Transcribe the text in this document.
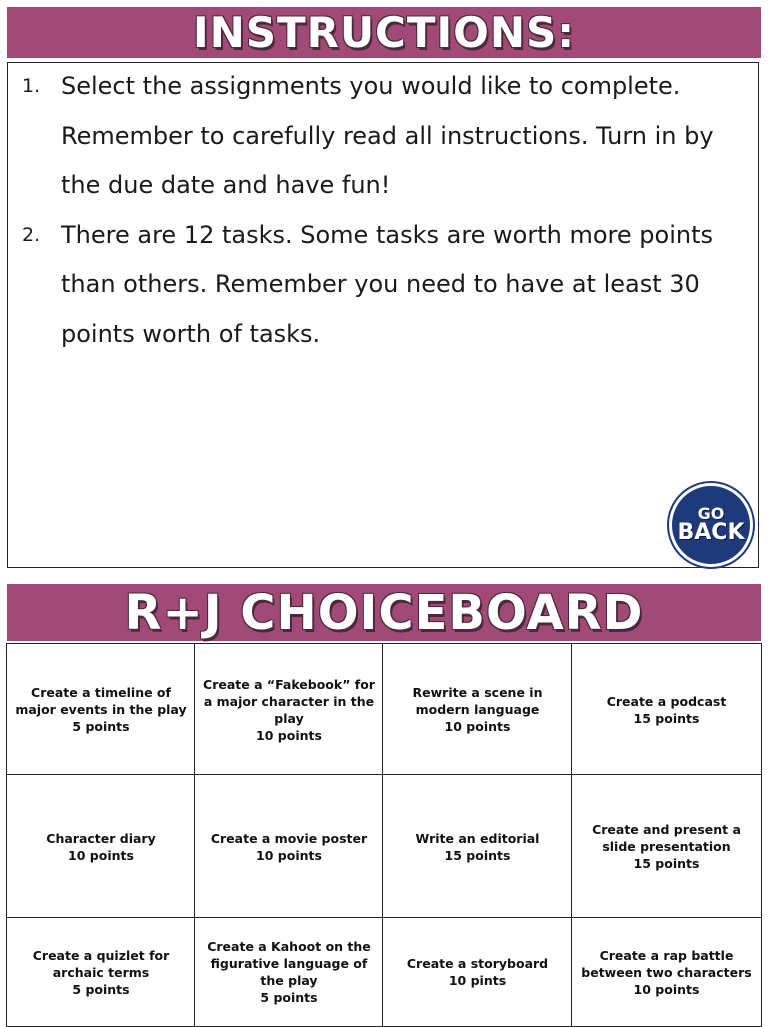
INSTRUCTIONS:
1. Select the assignments you would like to complete. Remember to carefully read all instructions. Turn in by the due date and have fun!
2. There are 12 tasks. Some tasks are worth more points than others. Remember you need to have at least 30 points worth of tasks.
GO
BACK
R+J CHOICEBOARD
Create a timeline of major events in the play
5 points
Create a “Fakebook” for a major character in the play
10 points
Rewrite a scene in modern language
10 points
Create a podcast
15 points
Character diary
10 points
Create a movie poster
10 points
Write an editorial
15 points
Create and present a slide presentation
15 points
Create a quizlet for archaic terms
5 points
Create a Kahoot on the figurative language of the play
5 points
Create a storyboard
10 pints
Create a rap battle between two characters
10 points
